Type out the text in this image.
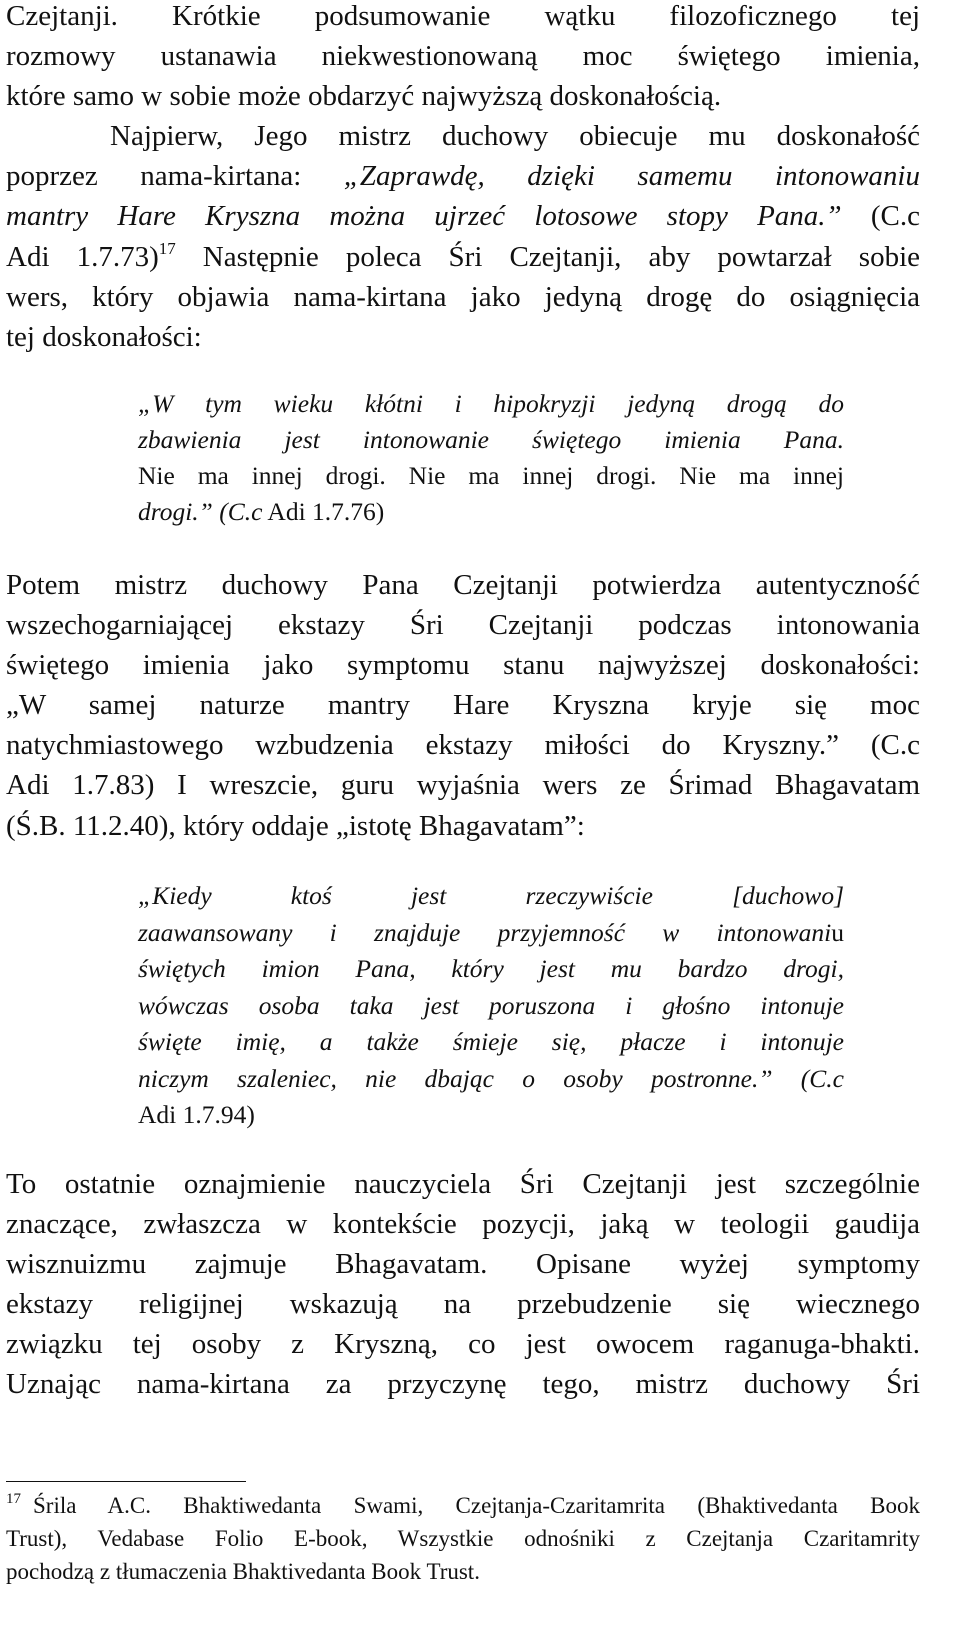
Czejtanji. Krótkie podsumowanie wątku filozoficznego tej
rozmowy ustanawia niekwestionowaną moc świętego imienia,
które samo w sobie może obdarzyć najwyższą doskonałością.
Najpierw, Jego mistrz duchowy obiecuje mu doskonałość
poprzez nama-kirtana: „Zaprawdę, dzięki samemu intonowaniu
mantry Hare Kryszna można ujrzeć lotosowe stopy Pana.” (C.c
Adi 1.7.73)$^{17}$ Następnie poleca Śri Czejtanji, aby powtarzał sobie
wers, który objawia nama-kirtana jako jedyną drogę do osiągnięcia
tej doskonałości:
„W tym wieku kłótni i hipokryzji jedyną drogą do
zbawienia jest intonowanie świętego imienia Pana.
Nie ma innej drogi. Nie ma innej drogi. Nie ma innej
drogi.” (C.c Adi 1.7.76)
Potem mistrz duchowy Pana Czejtanji potwierdza autentyczność
wszechogarniającej ekstazy Śri Czejtanji podczas intonowania
świętego imienia jako symptomu stanu najwyższej doskonałości:
„W samej naturze mantry Hare Kryszna kryje się moc
natychmiastowego wzbudzenia ekstazy miłości do Kryszny.” (C.c
Adi 1.7.83) I wreszcie, guru wyjaśnia wers ze Śrimad Bhagavatam
(Ś.B. 11.2.40), który oddaje „istotę Bhagavatam”:
„Kiedy ktoś jest rzeczywiście [duchowo]
zaawansowany i znajduje przyjemność w intonowaniu
świętych imion Pana, który jest mu bardzo drogi,
wówczas osoba taka jest poruszona i głośno intonuje
święte imię, a także śmieje się, płacze i intonuje
niczym szaleniec, nie dbając o osoby postronne.” (C.c
Adi 1.7.94)
To ostatnie oznajmienie nauczyciela Śri Czejtanji jest szczególnie
znaczące, zwłaszcza w kontekście pozycji, jaką w teologii gaudija
wisznuizmu zajmuje Bhagavatam. Opisane wyżej symptomy
ekstazy religijnej wskazują na przebudzenie się wiecznego
związku tej osoby z Kryszną, co jest owocem raganuga-bhakti.
Uznając nama-kirtana za przyczynę tego, mistrz duchowy Śri
$^{17}$ Śrila A.C. Bhaktiwedanta Swami, Czejtanja-Czaritamrita (Bhaktivedanta Book
Trust), Vedabase Folio E-book, Wszystkie odnośniki z Czejtanja Czaritamrity
pochodzą z tłumaczenia Bhaktivedanta Book Trust.
